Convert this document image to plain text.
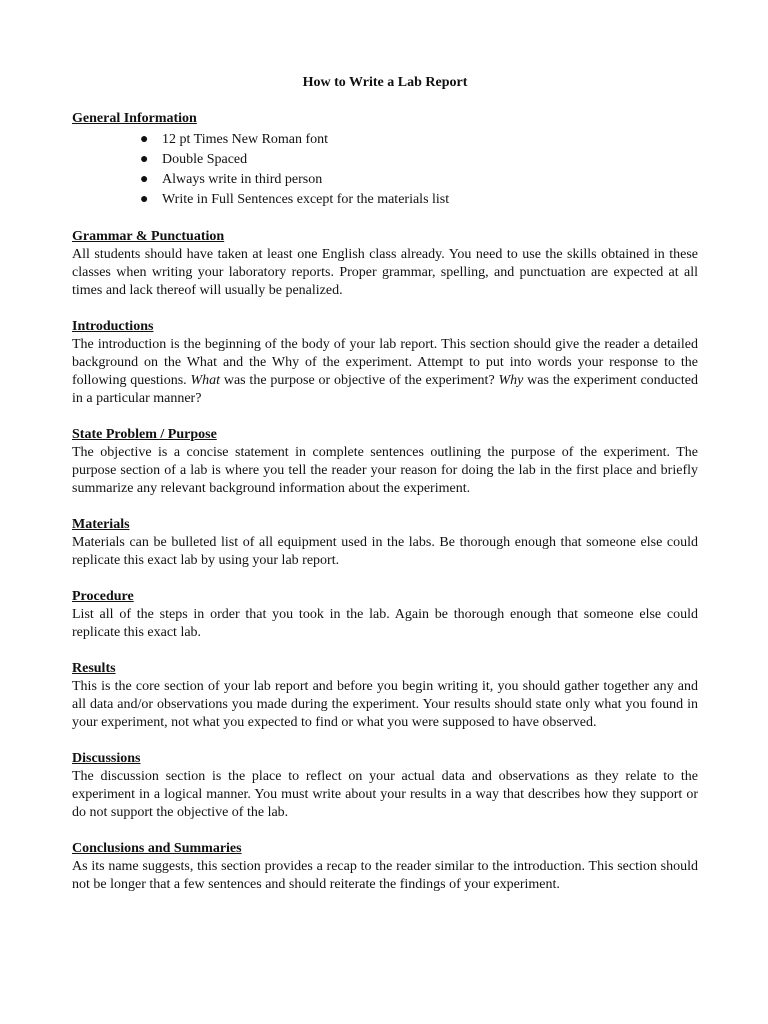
How to Write a Lab Report
General Information
● 12 pt Times New Roman font
● Double Spaced
● Always write in third person
● Write in Full Sentences except for the materials list
Grammar & Punctuation

All students should have taken at least one English class already. You need to use the skills obtained in these classes when writing your laboratory reports. Proper grammar, spelling, and punctuation are expected at all times and lack thereof will usually be penalized.

Introductions

The introduction is the beginning of the body of your lab report. This section should give the reader a detailed background on the What and the Why of the experiment. Attempt to put into words your response to the following questions. What was the purpose or objective of the experiment? Why was the experiment conducted in a particular manner?

State Problem / Purpose

The objective is a concise statement in complete sentences outlining the purpose of the experiment. The purpose section of a lab is where you tell the reader your reason for doing the lab in the first place and briefly summarize any relevant background information about the experiment.

Materials

Materials can be bulleted list of all equipment used in the labs. Be thorough enough that someone else could replicate this exact lab by using your lab report.

Procedure

List all of the steps in order that you took in the lab. Again be thorough enough that someone else could replicate this exact lab.

Results

This is the core section of your lab report and before you begin writing it, you should gather together any and all data and/or observations you made during the experiment. Your results should state only what you found in your experiment, not what you expected to find or what you were supposed to have observed.

Discussions

The discussion section is the place to reflect on your actual data and observations as they relate to the experiment in a logical manner. You must write about your results in a way that describes how they support or do not support the objective of the lab.

Conclusions and Summaries

As its name suggests, this section provides a recap to the reader similar to the introduction. This section should not be longer that a few sentences and should reiterate the findings of your experiment.
